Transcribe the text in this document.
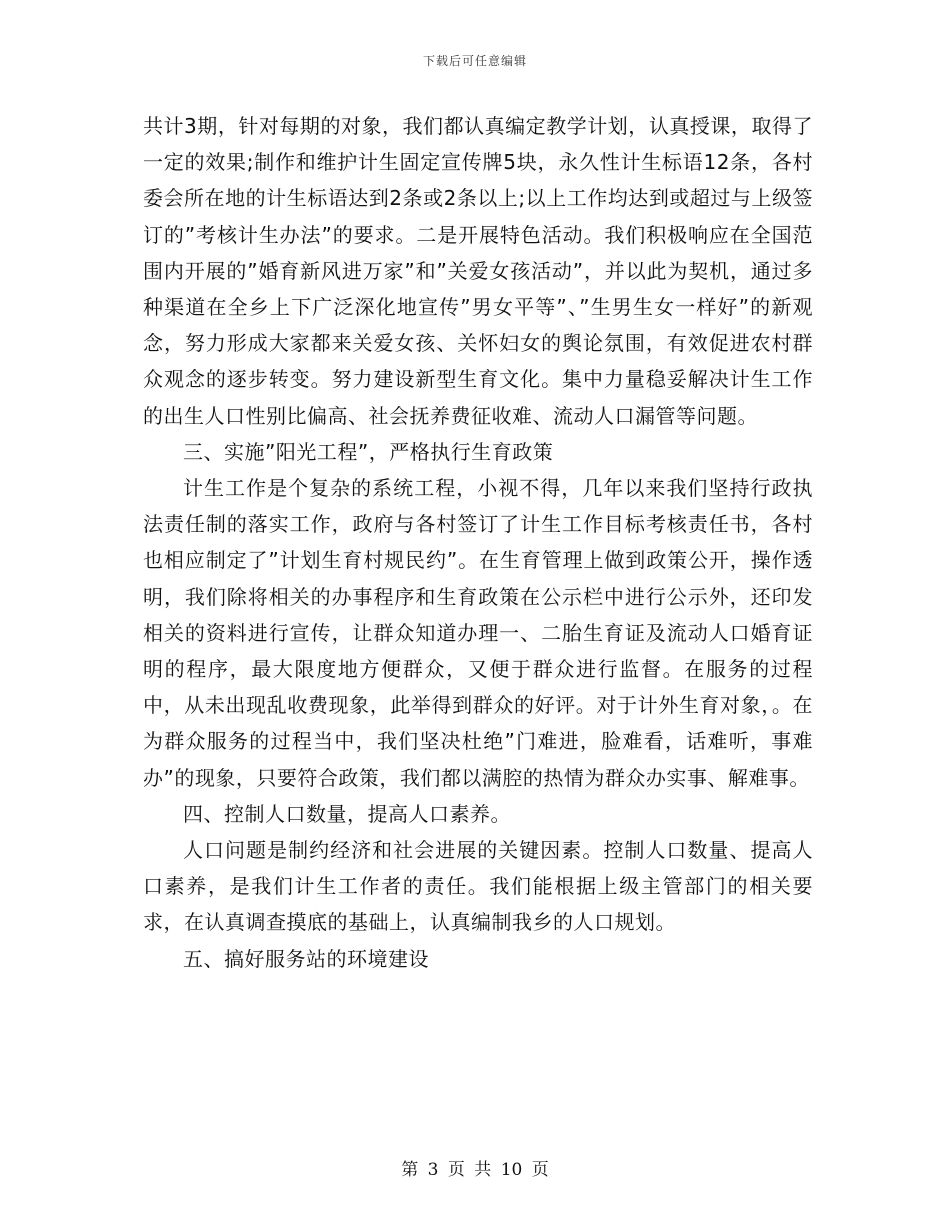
下载后可任意编辑

共计3期，针对每期的对象，我们都认真编定教学计划，认真授课，取得了一定的效果;制作和维护计生固定宣传牌5块，永久性计生标语12条，各村委会所在地的计生标语达到2条或2条以上;以上工作均达到或超过与上级签订的”考核计生办法”的要求。二是开展特色活动。我们积极响应在全国范围内开展的”婚育新风进万家”和”关爱女孩活动”，并以此为契机，通过多种渠道在全乡上下广泛深化地宣传”男女平等”、”生男生女一样好”的新观念，努力形成大家都来关爱女孩、关怀妇女的舆论氛围，有效促进农村群众观念的逐步转变。努力建设新型生育文化。集中力量稳妥解决计生工作的出生人口性别比偏高、社会抚养费征收难、流动人口漏管等问题。

三、实施”阳光工程”，严格执行生育政策

计生工作是个复杂的系统工程，小视不得，几年以来我们坚持行政执法责任制的落实工作，政府与各村签订了计生工作目标考核责任书，各村也相应制定了”计划生育村规民约”。在生育管理上做到政策公开，操作透明，我们除将相关的办事程序和生育政策在公示栏中进行公示外，还印发相关的资料进行宣传，让群众知道办理一、二胎生育证及流动人口婚育证明的程序，最大限度地方便群众，又便于群众进行监督。在服务的过程中，从未出现乱收费现象，此举得到群众的好评。对于计外生育对象，。在为群众服务的过程当中，我们坚决杜绝”门难进，脸难看，话难听，事难办”的现象，只要符合政策，我们都以满腔的热情为群众办实事、解难事。

四、控制人口数量，提高人口素养。

人口问题是制约经济和社会进展的关键因素。控制人口数量、提高人口素养，是我们计生工作者的责任。我们能根据上级主管部门的相关要求，在认真调查摸底的基础上，认真编制我乡的人口规划。

五、搞好服务站的环境建设

第 3 页 共 10 页
